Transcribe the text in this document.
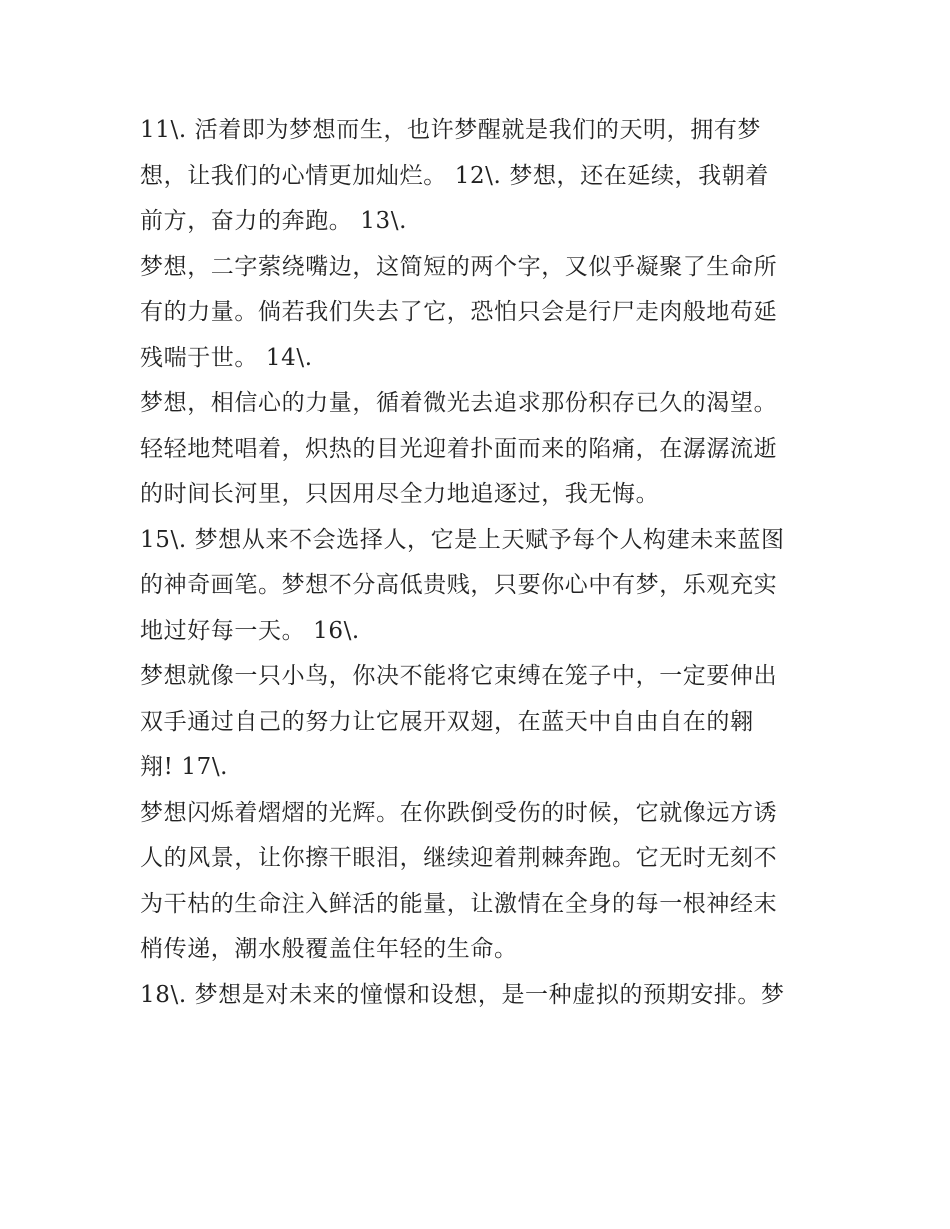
11\. 活着即为梦想而生，也许梦醒就是我们的天明，拥有梦
想，让我们的心情更加灿烂。 12\. 梦想，还在延续，我朝着
前方，奋力的奔跑。 13\.
梦想，二字萦绕嘴边，这简短的两个字，又似乎凝聚了生命所
有的力量。倘若我们失去了它，恐怕只会是行尸走肉般地苟延
残喘于世。 14\.
梦想，相信心的力量，循着微光去追求那份积存已久的渴望。
轻轻地梵唱着，炽热的目光迎着扑面而来的陷痛，在潺潺流逝
的时间长河里，只因用尽全力地追逐过，我无悔。
15\. 梦想从来不会选择人，它是上天赋予每个人构建未来蓝图
的神奇画笔。梦想不分高低贵贱，只要你心中有梦，乐观充实
地过好每一天。 16\.
梦想就像一只小鸟，你决不能将它束缚在笼子中，一定要伸出
双手通过自己的努力让它展开双翅，在蓝天中自由自在的翱
翔! 17\.
梦想闪烁着熠熠的光辉。在你跌倒受伤的时候，它就像远方诱
人的风景，让你擦干眼泪，继续迎着荆棘奔跑。它无时无刻不
为干枯的生命注入鲜活的能量，让激情在全身的每一根神经末
梢传递，潮水般覆盖住年轻的生命。
18\. 梦想是对未来的憧憬和设想，是一种虚拟的预期安排。梦
